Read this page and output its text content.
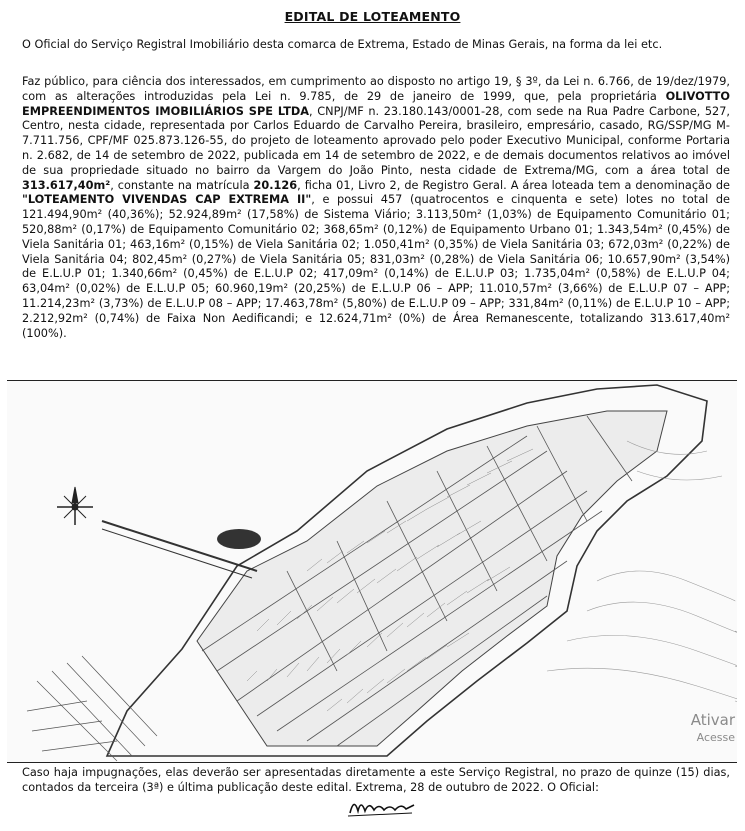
EDITAL DE LOTEAMENTO
O Oficial do Serviço Registral Imobiliário desta comarca de Extrema, Estado de Minas Gerais, na forma da lei etc.
Faz público, para ciência dos interessados, em cumprimento ao disposto no artigo 19, § 3º, da Lei n. 6.766, de 19/dez/1979, com as alterações introduzidas pela Lei n. 9.785, de 29 de janeiro de 1999, que, pela proprietária OLIVOTTO EMPREENDIMENTOS IMOBILIÁRIOS SPE LTDA, CNPJ/MF n. 23.180.143/0001-28, com sede na Rua Padre Carbone, 527, Centro, nesta cidade, representada por Carlos Eduardo de Carvalho Pereira, brasileiro, empresário, casado, RG/SSP/MG M-7.711.756, CPF/MF 025.873.126-55, do projeto de loteamento aprovado pelo poder Executivo Municipal, conforme Portaria n. 2.682, de 14 de setembro de 2022, publicada em 14 de setembro de 2022, e de demais documentos relativos ao imóvel de sua propriedade situado no bairro da Vargem do João Pinto, nesta cidade de Extrema/MG, com a área total de 313.617,40m², constante na matrícula 20.126, ficha 01, Livro 2, de Registro Geral. A área loteada tem a denominação de "LOTEAMENTO VIVENDAS CAP EXTREMA II", e possui 457 (quatrocentos e cinquenta e sete) lotes no total de 121.494,90m² (40,36%); 52.924,89m² (17,58%) de Sistema Viário; 3.113,50m² (1,03%) de Equipamento Comunitário 01; 520,88m² (0,17%) de Equipamento Comunitário 02; 368,65m² (0,12%) de Equipamento Urbano 01; 1.343,54m² (0,45%) de Viela Sanitária 01; 463,16m² (0,15%) de Viela Sanitária 02; 1.050,41m² (0,35%) de Viela Sanitária 03; 672,03m² (0,22%) de Viela Sanitária 04; 802,45m² (0,27%) de Viela Sanitária 05; 831,03m² (0,28%) de Viela Sanitária 06; 10.657,90m² (3,54%) de E.L.U.P 01; 1.340,66m² (0,45%) de E.L.U.P 02; 417,09m² (0,14%) de E.L.U.P 03; 1.735,04m² (0,58%) de E.L.U.P 04; 63,04m² (0,02%) de E.L.U.P 05; 60.960,19m² (20,25%) de E.L.U.P 06 – APP; 11.010,57m² (3,66%) de E.L.U.P 07 – APP; 11.214,23m² (3,73%) de E.L.U.P 08 – APP; 17.463,78m² (5,80%) de E.L.U.P 09 – APP; 331,84m² (0,11%) de E.L.U.P 10 – APP; 2.212,92m² (0,74%) de Faixa Non Aedificandi; e 12.624,71m² (0%) de Área Remanescente, totalizando 313.617,40m² (100%).
Ativar
Acesse
Caso haja impugnações, elas deverão ser apresentadas diretamente a este Serviço Registral, no prazo de quinze (15) dias, contados da terceira (3ª) e última publicação deste edital. Extrema, 28 de outubro de 2022. O Oficial:
